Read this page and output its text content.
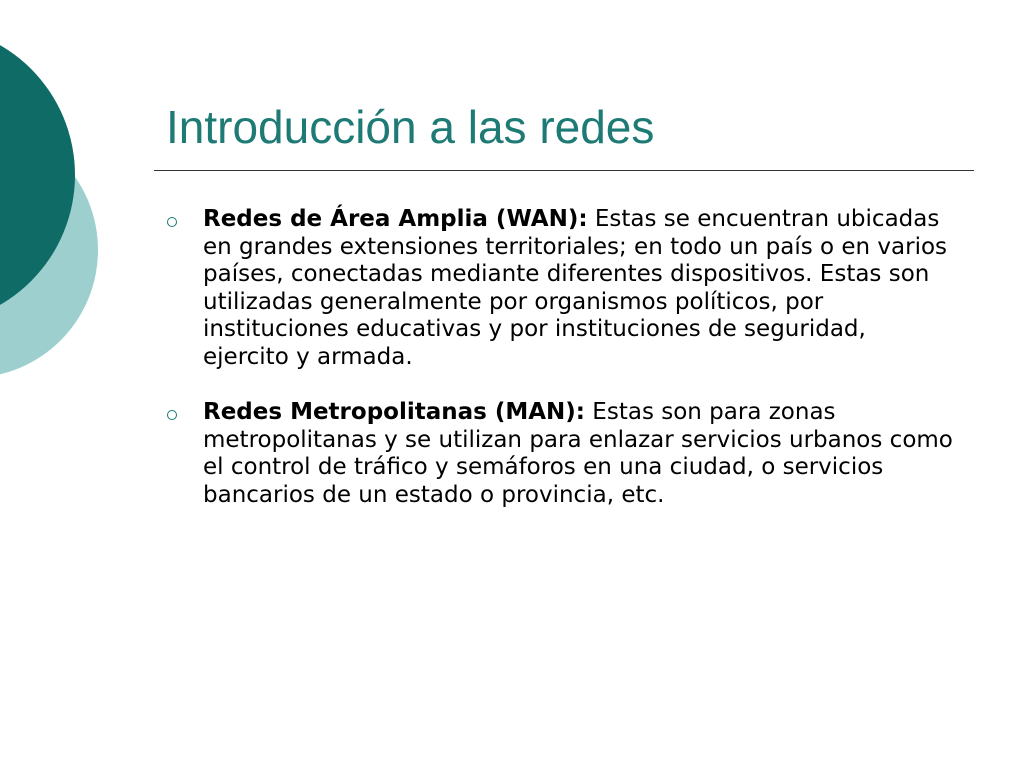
Introducción a las redes
Redes de Área Amplia (WAN): Estas se encuentran ubicadas en grandes extensiones territoriales; en todo un país o en varios países, conectadas mediante diferentes dispositivos. Estas son utilizadas generalmente por organismos políticos, por instituciones educativas y por instituciones de seguridad, ejercito y armada.
Redes Metropolitanas (MAN): Estas son para zonas metropolitanas y se utilizan para enlazar servicios urbanos como el control de tráfico y semáforos en una ciudad, o servicios bancarios de un estado o provincia, etc.
